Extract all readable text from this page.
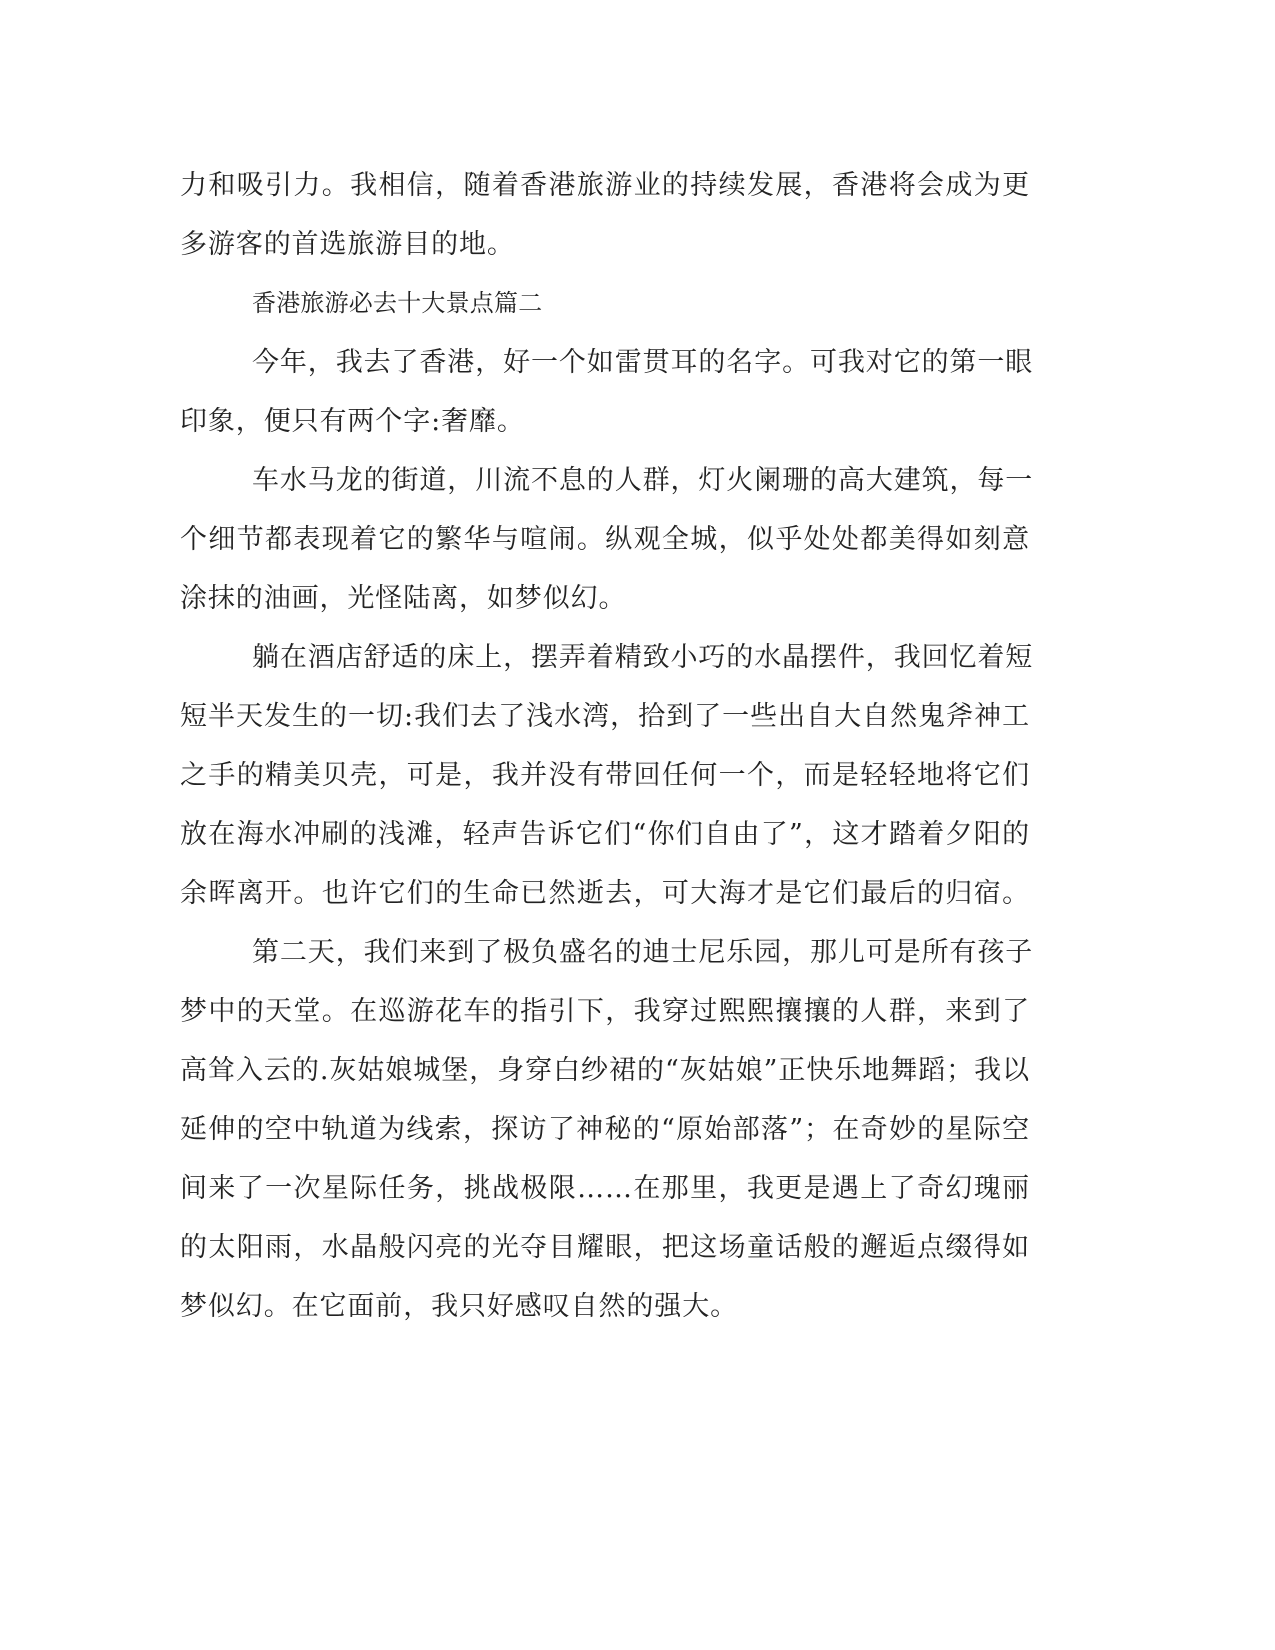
力和吸引力。我相信，随着香港旅游业的持续发展，香港将会成为更
多游客的首选旅游目的地。
香港旅游必去十大景点篇二
今年，我去了香港，好一个如雷贯耳的名字。可我对它的第一眼
印象，便只有两个字:奢靡。
车水马龙的街道，川流不息的人群，灯火阑珊的高大建筑，每一
个细节都表现着它的繁华与喧闹。纵观全城，似乎处处都美得如刻意
涂抹的油画，光怪陆离，如梦似幻。
躺在酒店舒适的床上，摆弄着精致小巧的水晶摆件，我回忆着短
短半天发生的一切:我们去了浅水湾，拾到了一些出自大自然鬼斧神工
之手的精美贝壳，可是，我并没有带回任何一个，而是轻轻地将它们
放在海水冲刷的浅滩，轻声告诉它们“你们自由了”，这才踏着夕阳的
余晖离开。也许它们的生命已然逝去，可大海才是它们最后的归宿。
第二天，我们来到了极负盛名的迪士尼乐园，那儿可是所有孩子
梦中的天堂。在巡游花车的指引下，我穿过熙熙攘攘的人群，来到了
高耸入云的.灰姑娘城堡，身穿白纱裙的“灰姑娘”正快乐地舞蹈；我以
延伸的空中轨道为线索，探访了神秘的“原始部落”；在奇妙的星际空
间来了一次星际任务，挑战极限……在那里，我更是遇上了奇幻瑰丽
的太阳雨，水晶般闪亮的光夺目耀眼，把这场童话般的邂逅点缀得如
梦似幻。在它面前，我只好感叹自然的强大。
